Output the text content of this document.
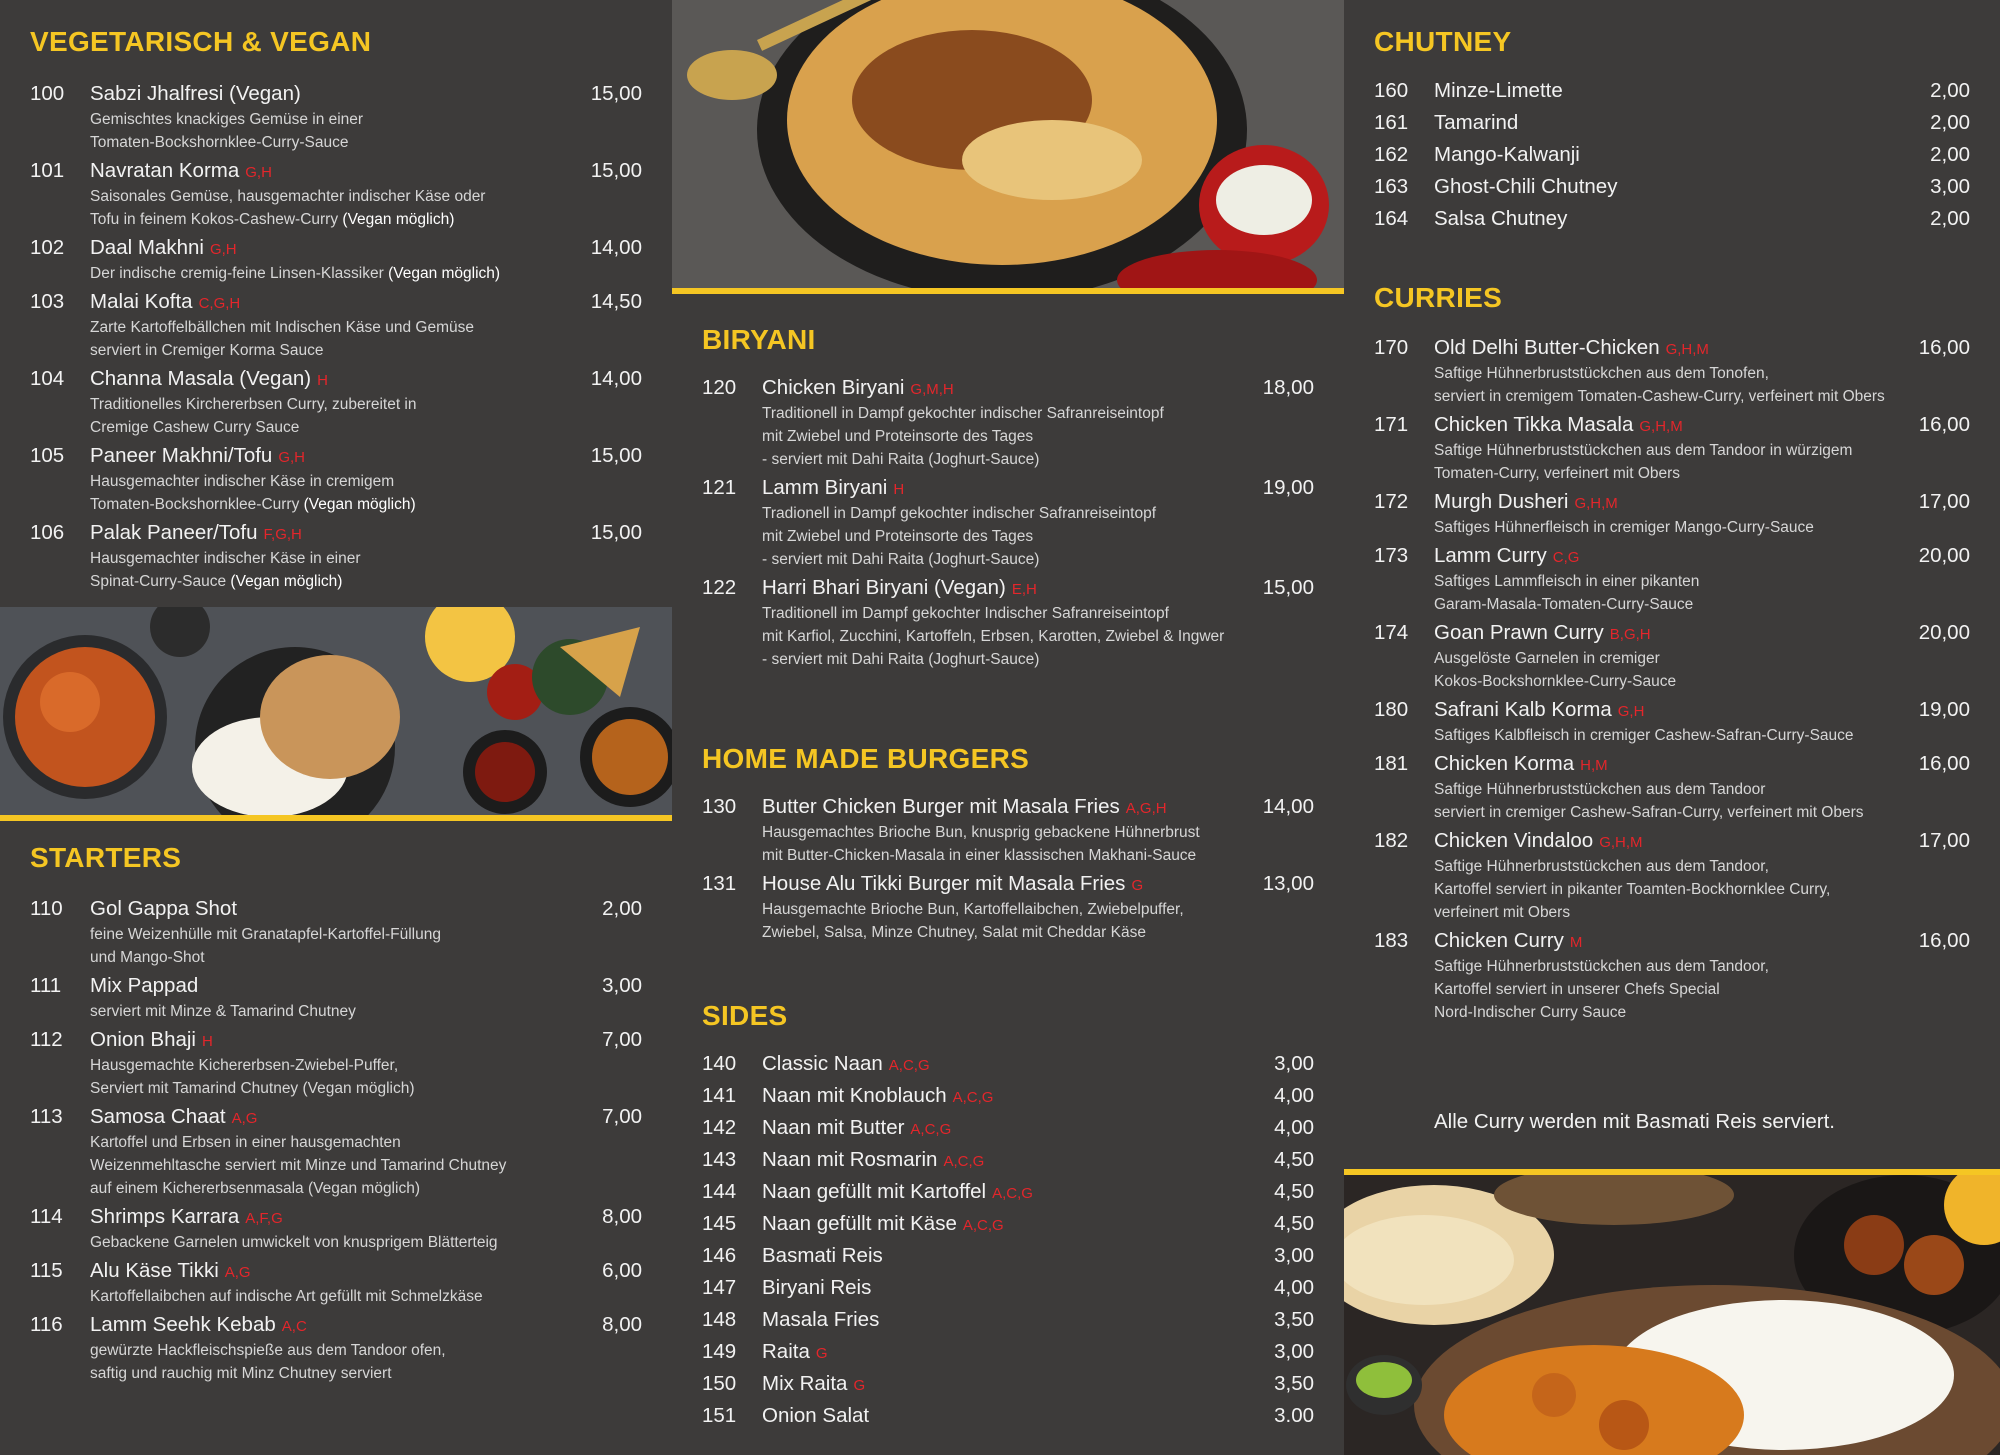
VEGETARISCH & VEGAN
100	Sabzi Jhalfresi (Vegan)
Gemischtes knackiges Gemüse in einer
Tomaten-Bockshornklee-Curry-Sauce
15,00
101	Navratan Korma G,H
Saisonales Gemüse, hausgemachter indischer Käse oder
Tofu in feinem Kokos-Cashew-Curry (Vegan möglich)
15,00
102	Daal Makhni G,H
Der indische cremig-feine Linsen-Klassiker (Vegan möglich)
14,00
103	Malai Kofta C,G,H
Zarte Kartoffelbällchen mit Indischen Käse und Gemüse
serviert in Cremiger Korma Sauce
14,50
104	Channa Masala (Vegan) H
Traditionelles Kirchererbsen Curry, zubereitet in
Cremige Cashew Curry Sauce
14,00
105	Paneer Makhni/Tofu G,H
Hausgemachter indischer Käse in cremigem
Tomaten-Bockshornklee-Curry (Vegan möglich)
15,00
106	Palak Paneer/Tofu F,G,H
Hausgemachter indischer Käse in einer
Spinat-Curry-Sauce (Vegan möglich)
15,00
STARTERS
110	Gol Gappa Shot
feine Weizenhülle mit Granatapfel-Kartoffel-Füllung
und Mango-Shot
2,00
111	Mix Pappad
serviert mit Minze & Tamarind Chutney
3,00
112	Onion Bhaji H
Hausgemachte Kichererbsen-Zwiebel-Puffer,
Serviert mit Tamarind Chutney (Vegan möglich)
7,00
113	Samosa Chaat A,G
Kartoffel und Erbsen in einer hausgemachten
Weizenmehltasche serviert mit Minze und Tamarind Chutney
auf einem Kichererbsenmasala (Vegan möglich)
7,00
114	Shrimps Karrara A,F,G
Gebackene Garnelen umwickelt von knusprigem Blätterteig
8,00
115	Alu Käse Tikki A,G
Kartoffellaibchen auf indische Art gefüllt mit Schmelzkäse
6,00
116	Lamm Seehk Kebab A,C
gewürzte Hackfleischspieße aus dem Tandoor ofen,
saftig und rauchig mit Minz Chutney serviert
8,00
BIRYANI
120	Chicken Biryani G,M,H
Traditionell in Dampf gekochter indischer Safranreiseintopf
mit Zwiebel und Proteinsorte des Tages
- serviert mit Dahi Raita (Joghurt-Sauce)
18,00
121	Lamm Biryani H
Tradionell in Dampf gekochter indischer Safranreiseintopf
mit Zwiebel und Proteinsorte des Tages
- serviert mit Dahi Raita (Joghurt-Sauce)
19,00
122	Harri Bhari Biryani (Vegan) E,H
Traditionell im Dampf gekochter Indischer Safranreiseintopf
mit Karfiol, Zucchini, Kartoffeln, Erbsen, Karotten, Zwiebel & Ingwer
- serviert mit Dahi Raita (Joghurt-Sauce)
15,00
HOME MADE BURGERS
130	Butter Chicken Burger mit Masala Fries A,G,H
Hausgemachtes Brioche Bun, knusprig gebackene Hühnerbrust
mit Butter-Chicken-Masala in einer klassischen Makhani-Sauce
14,00
131	House Alu Tikki Burger mit Masala Fries G
Hausgemachte Brioche Bun, Kartoffellaibchen, Zwiebelpuffer,
Zwiebel, Salsa, Minze Chutney, Salat mit Cheddar Käse
13,00
SIDES
140	Classic Naan A,C,G	3,00
141	Naan mit Knoblauch A,C,G	4,00
142	Naan mit Butter A,C,G	4,00
143	Naan mit Rosmarin A,C,G	4,50
144	Naan gefüllt mit Kartoffel A,C,G	4,50
145	Naan gefüllt mit Käse A,C,G	4,50
146	Basmati Reis	3,00
147	Biryani Reis	4,00
148	Masala Fries	3,50
149	Raita G	3,00
150	Mix Raita G	3,50
151	Onion Salat	3.00
CHUTNEY
160	Minze-Limette	2,00
161	Tamarind	2,00
162	Mango-Kalwanji	2,00
163	Ghost-Chili Chutney	3,00
164	Salsa Chutney	2,00
CURRIES
170	Old Delhi Butter-Chicken G,H,M
Saftige Hühnerbruststückchen aus dem Tonofen,
serviert in cremigem Tomaten-Cashew-Curry, verfeinert mit Obers
16,00
171	Chicken Tikka Masala G,H,M
Saftige Hühnerbruststückchen aus dem Tandoor in würzigem
Tomaten-Curry, verfeinert mit Obers
16,00
172	Murgh Dusheri G,H,M
Saftiges Hühnerfleisch in cremiger Mango-Curry-Sauce
17,00
173	Lamm Curry C,G
Saftiges Lammfleisch in einer pikanten
Garam-Masala-Tomaten-Curry-Sauce
20,00
174	Goan Prawn Curry B,G,H
Ausgelöste Garnelen in cremiger
Kokos-Bockshornklee-Curry-Sauce
20,00
180	Safrani Kalb Korma G,H
Saftiges Kalbfleisch in cremiger Cashew-Safran-Curry-Sauce
19,00
181	Chicken Korma H,M
Saftige Hühnerbruststückchen aus dem Tandoor
serviert in cremiger Cashew-Safran-Curry, verfeinert mit Obers
16,00
182	Chicken Vindaloo G,H,M
Saftige Hühnerbruststückchen aus dem Tandoor,
Kartoffel serviert in pikanter Toamten-Bockhornklee Curry,
verfeinert mit Obers
17,00
183	Chicken Curry M
Saftige Hühnerbruststückchen aus dem Tandoor,
Kartoffel serviert in unserer Chefs Special
Nord-Indischer Curry Sauce
16,00
Alle Curry werden mit Basmati Reis serviert.
